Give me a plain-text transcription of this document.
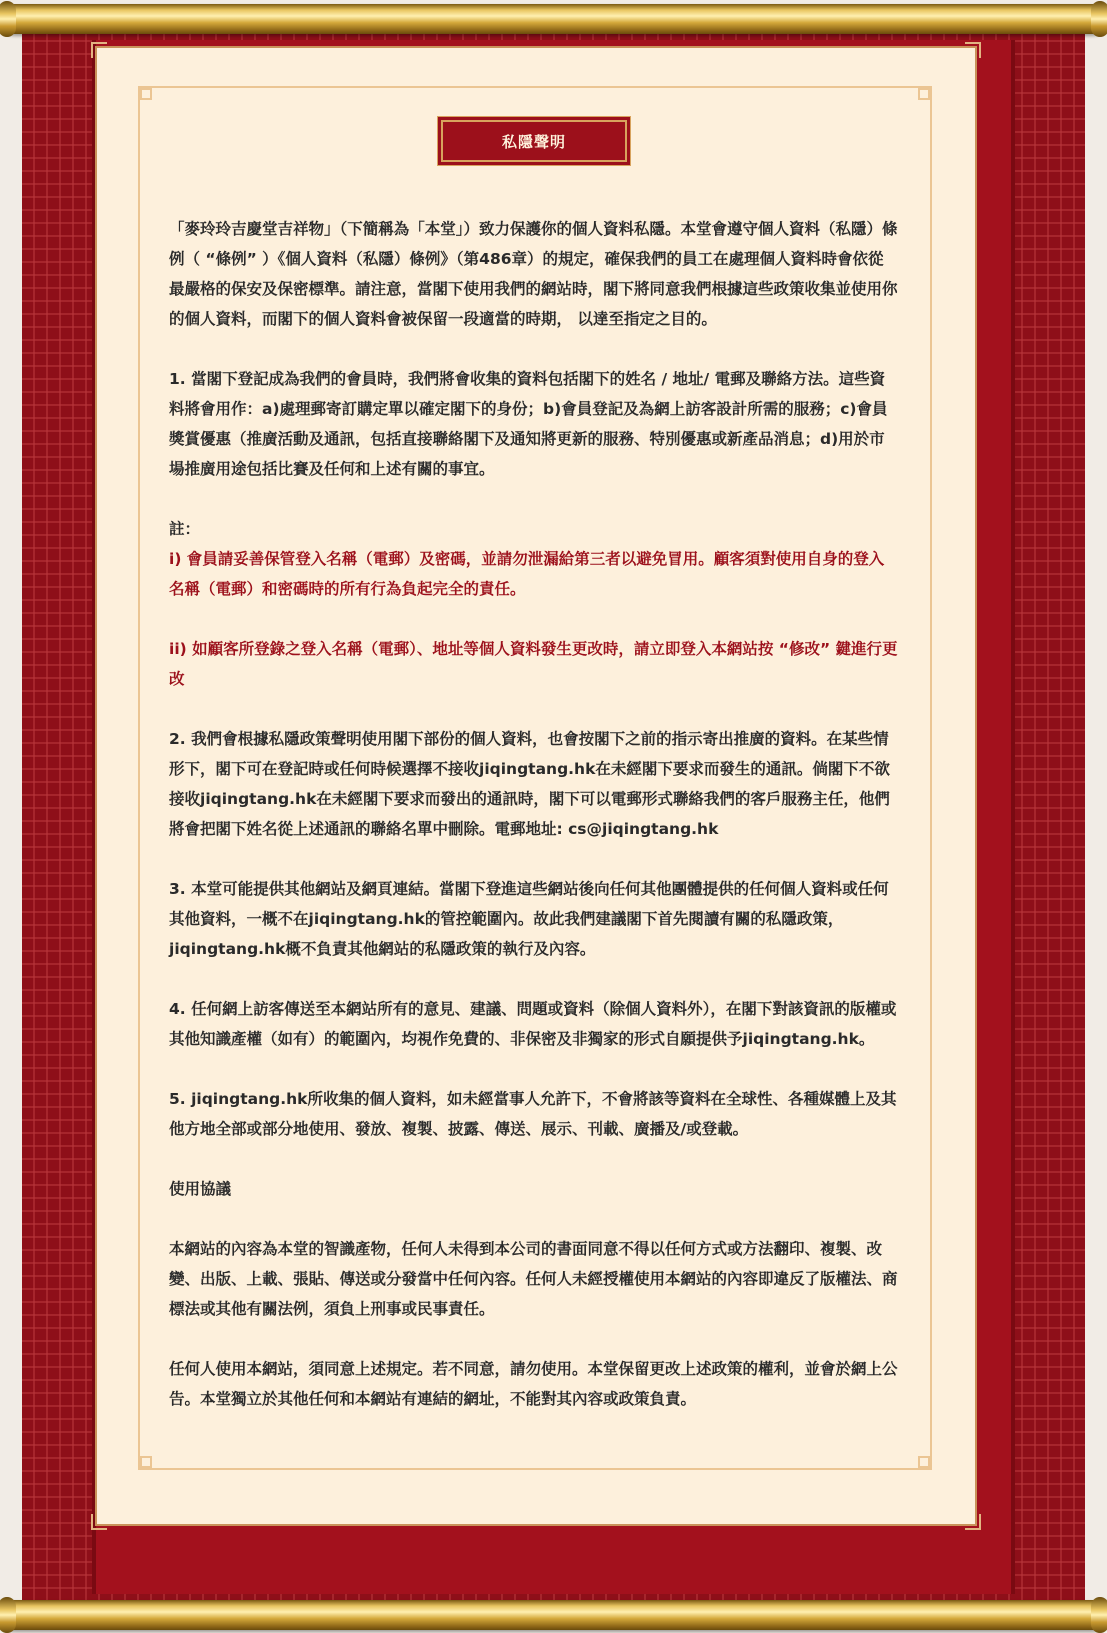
私隱聲明

「麥玲玲吉慶堂吉祥物」（下簡稱為「本堂」）致力保護你的個人資料私隱。本堂會遵守個人資料（私隱）條例（ “條例” ）《個人資料（私隱）條例》（第486章）的規定，確保我們的員工在處理個人資料時會依從最嚴格的保安及保密標準。請注意，當閣下使用我們的網站時，閣下將同意我們根據這些政策收集並使用你的個人資料，而閣下的個人資料會被保留一段適當的時期， 以達至指定之目的。

1. 當閣下登記成為我們的會員時，我們將會收集的資料包括閣下的姓名 / 地址/ 電郵及聯絡方法。這些資料將會用作：a)處理郵寄訂購定單以確定閣下的身份；b)會員登記及為網上訪客設計所需的服務；c)會員獎賞優惠（推廣活動及通訊，包括直接聯絡閣下及通知將更新的服務、特別優惠或新產品消息；d)用於市場推廣用途包括比賽及任何和上述有關的事宜。

註：

i) 會員請妥善保管登入名稱（電郵）及密碼，並請勿泄漏給第三者以避免冒用。顧客須對使用自身的登入名稱（電郵）和密碼時的所有行為負起完全的責任。

ii) 如顧客所登錄之登入名稱（電郵）、地址等個人資料發生更改時，請立即登入本網站按 “修改” 鍵進行更改

2. 我們會根據私隱政策聲明使用閣下部份的個人資料，也會按閣下之前的指示寄出推廣的資料。在某些情形下，閣下可在登記時或任何時候選擇不接收jiqingtang.hk在未經閣下要求而發生的通訊。倘閣下不欲接收jiqingtang.hk在未經閣下要求而發出的通訊時，閣下可以電郵形式聯絡我們的客戶服務主任，他們將會把閣下姓名從上述通訊的聯絡名單中刪除。電郵地址: cs@jiqingtang.hk

3. 本堂可能提供其他網站及網頁連結。當閣下登進這些網站後向任何其他團體提供的任何個人資料或任何其他資料，一概不在jiqingtang.hk的管控範圍內。故此我們建議閣下首先閱讀有關的私隱政策，jiqingtang.hk概不負責其他網站的私隱政策的執行及內容。

4. 任何網上訪客傳送至本網站所有的意見、建議、問題或資料（除個人資料外），在閣下對該資訊的版權或其他知識產權（如有）的範圍內，均視作免費的、非保密及非獨家的形式自願提供予jiqingtang.hk。

5. jiqingtang.hk所收集的個人資料，如未經當事人允許下，不會將該等資料在全球性、各種媒體上及其他方地全部或部分地使用、發放、複製、披露、傳送、展示、刊載、廣播及/或登載。

使用協議

本網站的內容為本堂的智識產物，任何人未得到本公司的書面同意不得以任何方式或方法翻印、複製、改變、出版、上載、張貼、傳送或分發當中任何內容。任何人未經授權使用本網站的內容即違反了版權法、商標法或其他有關法例，須負上刑事或民事責任。

任何人使用本網站，須同意上述規定。若不同意，請勿使用。本堂保留更改上述政策的權利，並會於網上公告。本堂獨立於其他任何和本網站有連結的網址，不能對其內容或政策負責。
